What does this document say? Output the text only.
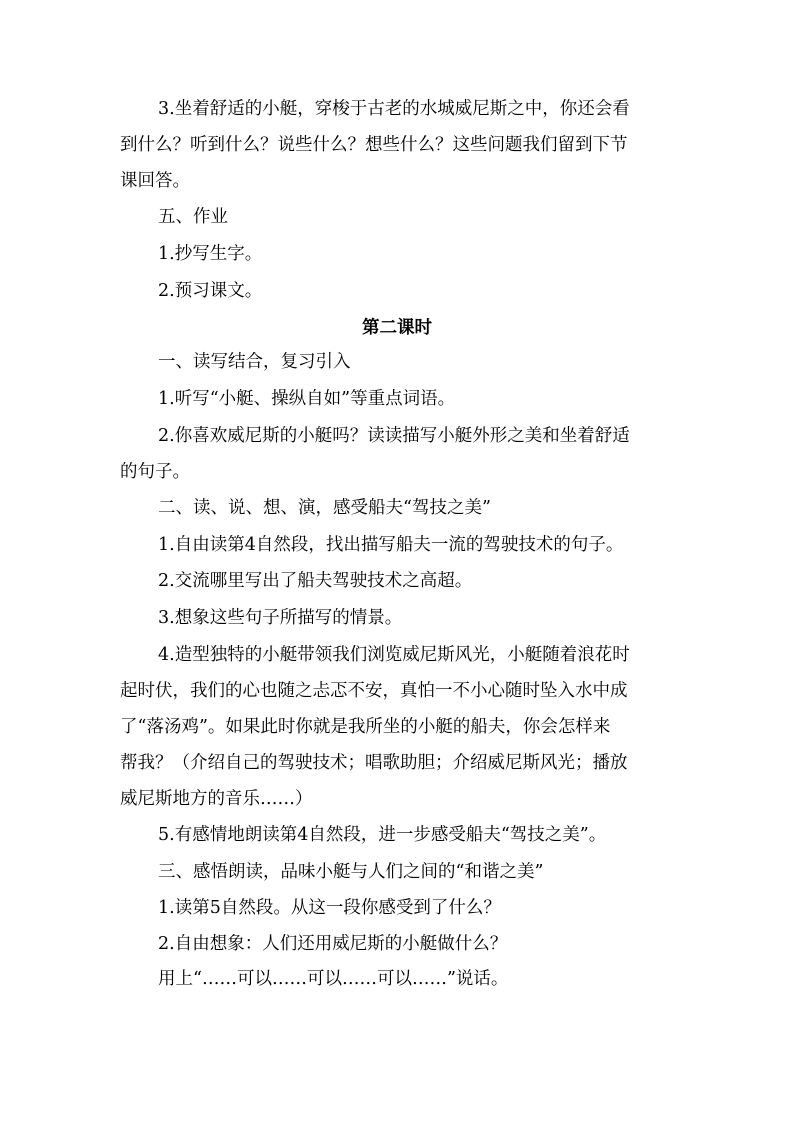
3.坐着舒适的小艇，穿梭于古老的水城威尼斯之中，你还会看
到什么？听到什么？说些什么？想些什么？这些问题我们留到下节
课回答。
五、作业
1.抄写生字。
2.预习课文。
第二课时
一、读写结合，复习引入
1.听写“小艇、操纵自如”等重点词语。
2.你喜欢威尼斯的小艇吗？读读描写小艇外形之美和坐着舒适
的句子。
二、读、说、想、演，感受船夫“驾技之美”
1.自由读第4自然段，找出描写船夫一流的驾驶技术的句子。
2.交流哪里写出了船夫驾驶技术之高超。
3.想象这些句子所描写的情景。
4.造型独特的小艇带领我们浏览威尼斯风光，小艇随着浪花时
起时伏，我们的心也随之忐忑不安，真怕一不小心随时坠入水中成
了“落汤鸡”。如果此时你就是我所坐的小艇的船夫，你会怎样来
帮我？（介绍自己的驾驶技术；唱歌助胆；介绍威尼斯风光；播放
威尼斯地方的音乐……）
5.有感情地朗读第4自然段，进一步感受船夫“驾技之美”。
三、感悟朗读，品味小艇与人们之间的“和谐之美”
1.读第5自然段。从这一段你感受到了什么？
2.自由想象：人们还用威尼斯的小艇做什么？
用上“……可以……可以……可以……”说话。
